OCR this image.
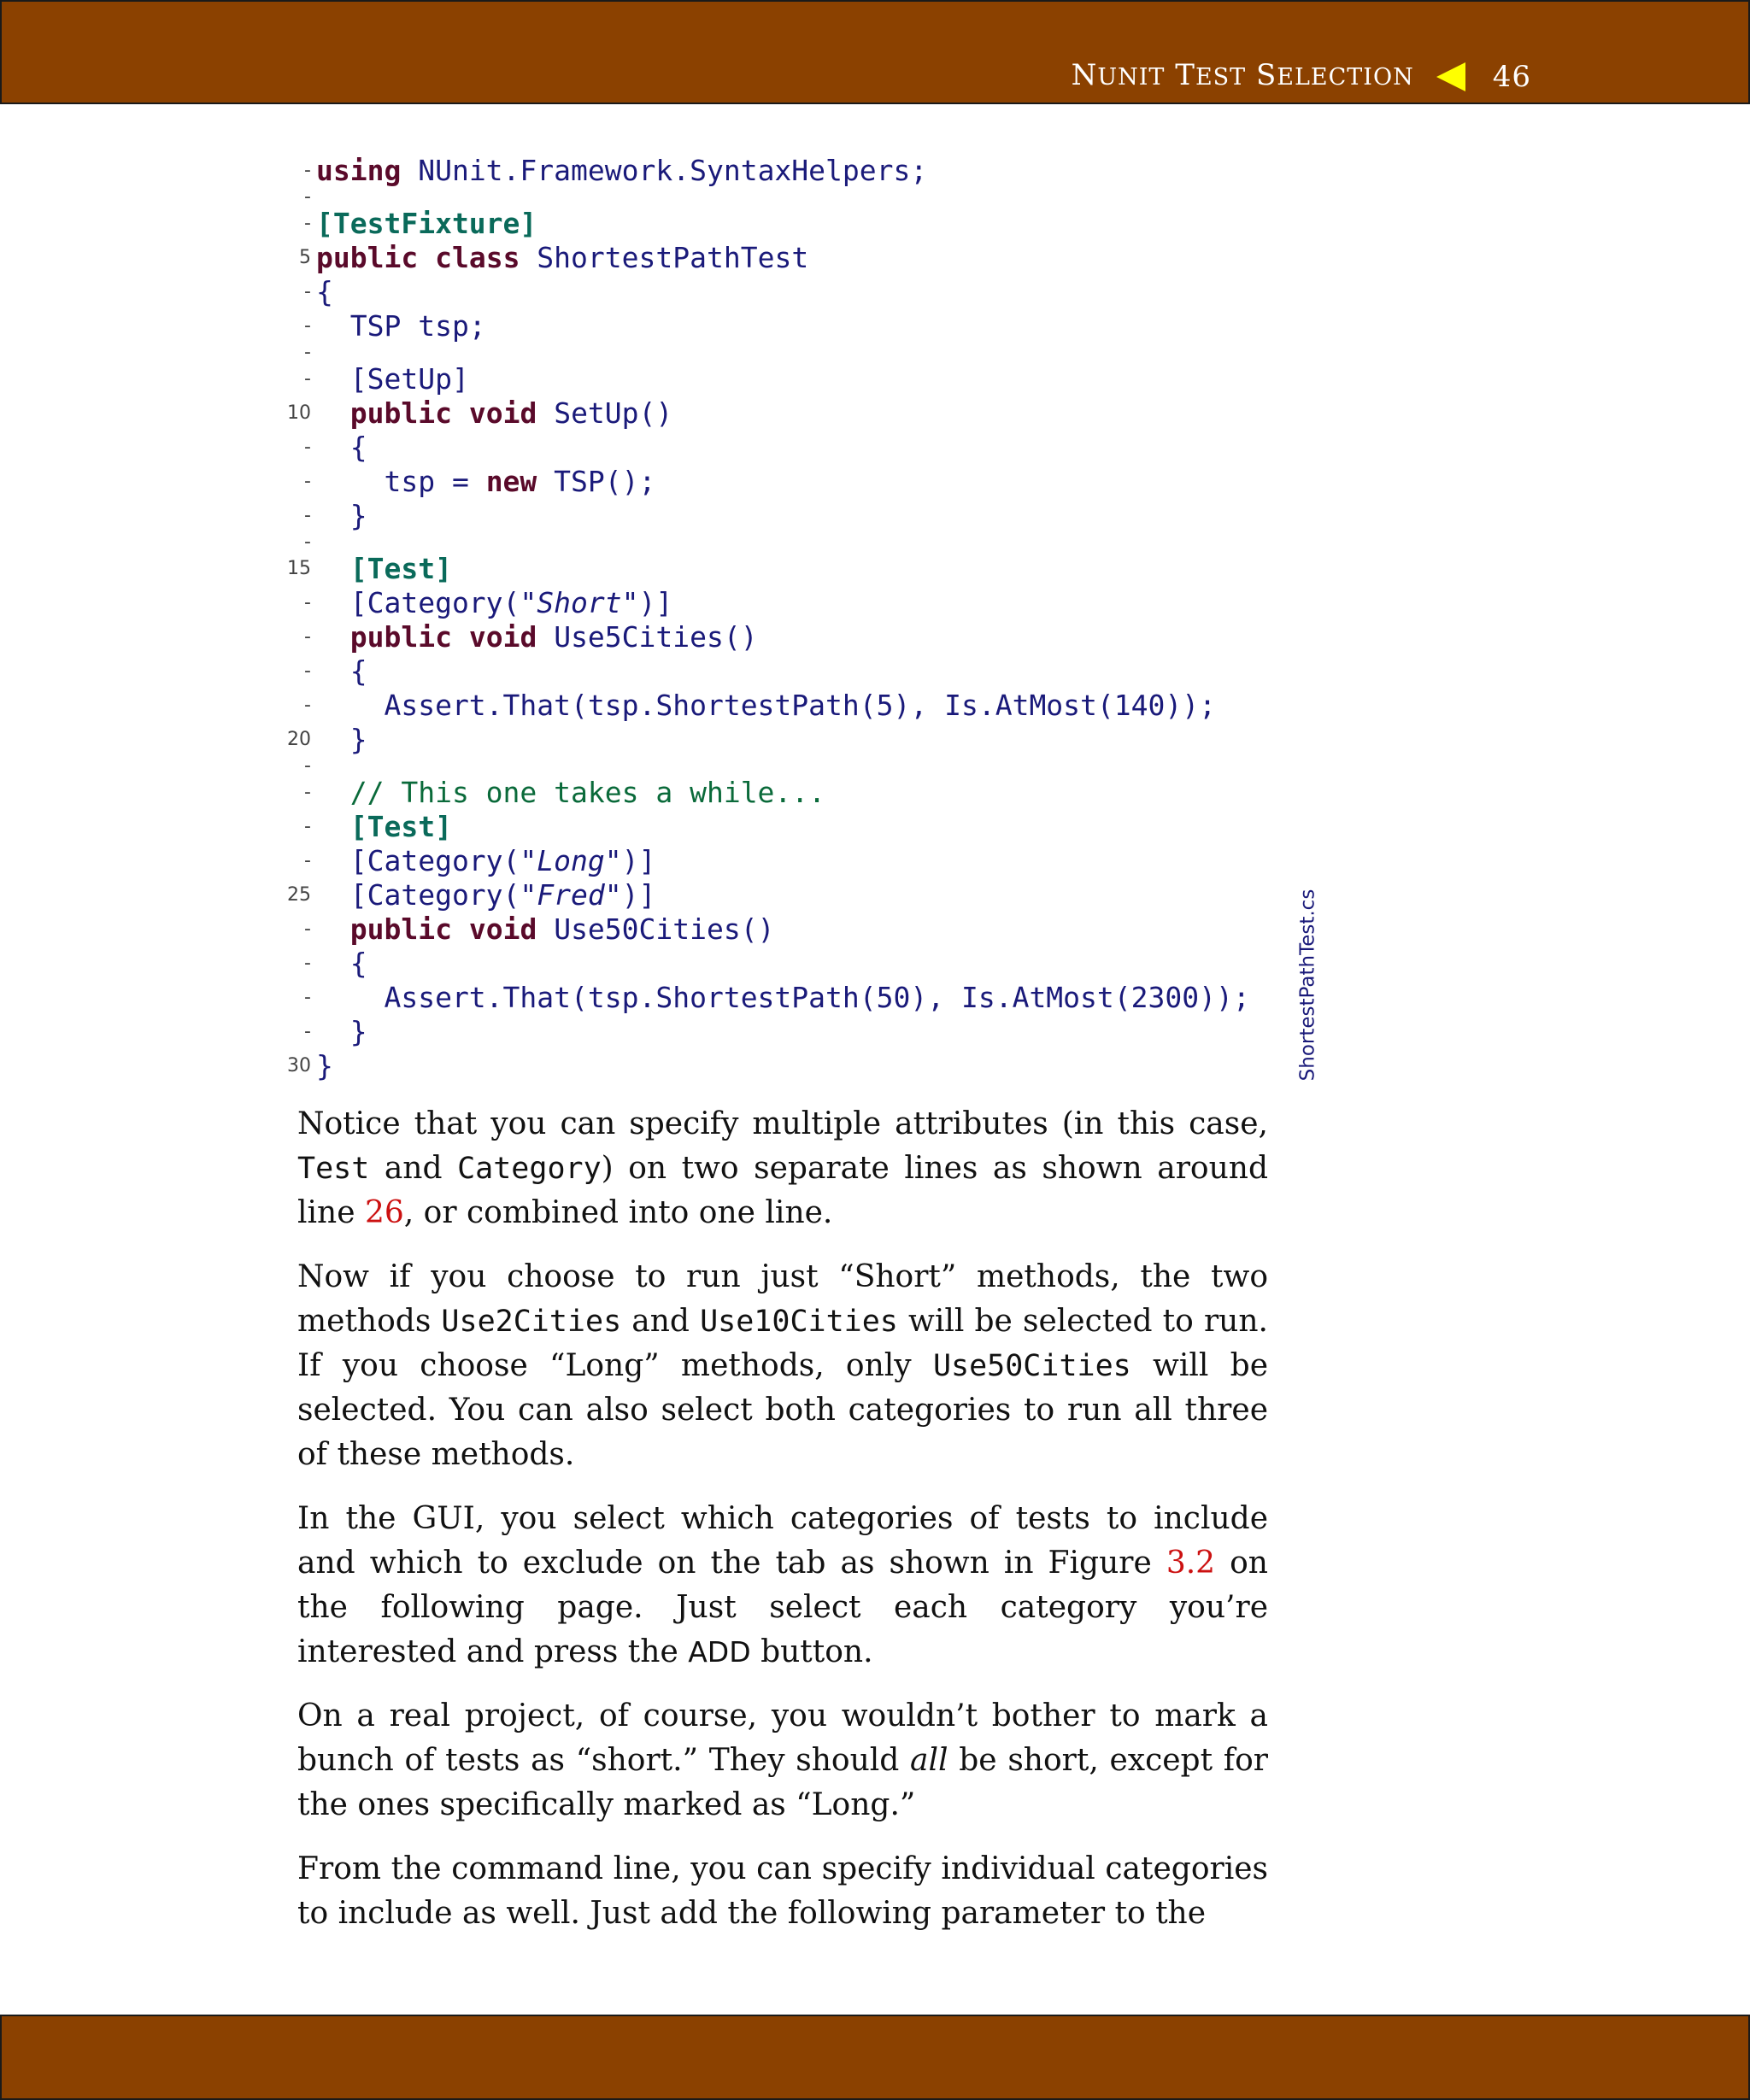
NUNIT TEST SELECTION	46
- using NUnit.Framework.SyntaxHelpers;
-
- [TestFixture]
5 public class ShortestPathTest
- {
- TSP tsp;
-
- [SetUp]
10 public void SetUp()
- {
- tsp = new TSP();
- }
-
15 [Test]
- [Category("Short")]
- public void Use5Cities()
- {
- Assert.That(tsp.ShortestPath(5), Is.AtMost(140));
20 }
-
- // This one takes a while...
- [Test]
- [Category("Long")]
25 [Category("Fred")]
- public void Use50Cities()
- {
- Assert.That(tsp.ShortestPath(50), Is.AtMost(2300));
- }
30 }	ShortestPathTest.cs

Notice that you can specify multiple attributes (in this case, Test and Category) on two separate lines as shown around line 26, or combined into one line.

Now if you choose to run just “Short” methods, the two methods Use2Cities and Use10Cities will be selected to run. If you choose “Long” methods, only Use50Cities will be selected. You can also select both categories to run all three of these methods.

In the GUI, you select which categories of tests to include and which to exclude on the tab as shown in Figure 3.2 on the following page. Just select each category you’re interested and press the ADD button.

On a real project, of course, you wouldn’t bother to mark a bunch of tests as “short.” They should all be short, except for the ones specifically marked as “Long.”

From the command line, you can specify individual categories to include as well. Just add the following parameter to the
